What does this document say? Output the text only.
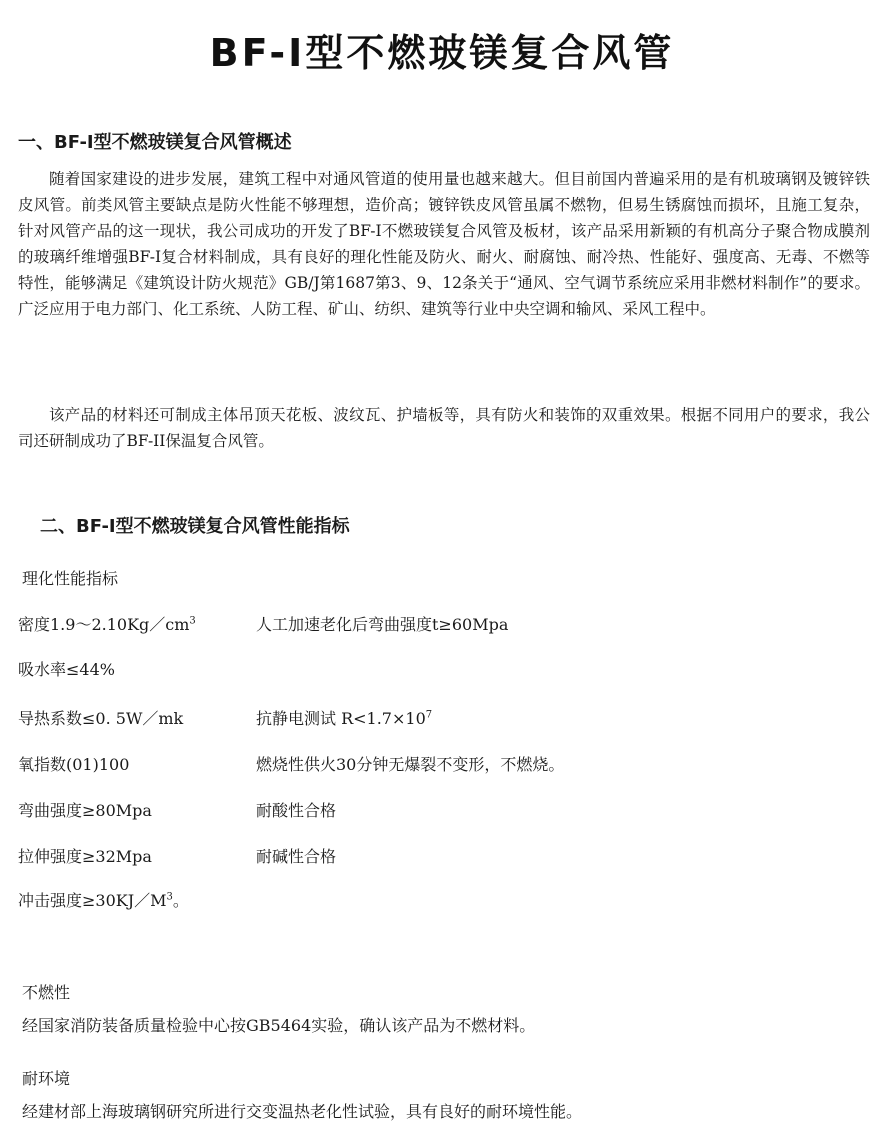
BF-Ⅰ型不燃玻镁复合风管
一、BF-I型不燃玻镁复合风管概述
随着国家建设的进步发展，建筑工程中对通风管道的使用量也越来越大。但目前国内普遍采用的是有机玻璃钢及镀锌铁皮风管。前类风管主要缺点是防火性能不够理想，造价高；镀锌铁皮风管虽属不燃物，但易生锈腐蚀而损坏，且施工复杂，针对风管产品的这一现状，我公司成功的开发了BF-I不燃玻镁复合风管及板材，该产品采用新颖的有机高分子聚合物成膜剂的玻璃纤维增强BF-I复合材料制成，具有良好的理化性能及防火、耐火、耐腐蚀、耐冷热、性能好、强度高、无毒、不燃等特性，能够满足《建筑设计防火规范》GB/J第1687第3、9、12条关于“通风、空气调节系统应采用非燃材料制作”的要求。广泛应用于电力部门、化工系统、人防工程、矿山、纺织、建筑等行业中央空调和输风、采风工程中。
该产品的材料还可制成主体吊顶天花板、波纹瓦、护墙板等，具有防火和装饰的双重效果。根据不同用户的要求，我公司还研制成功了BF-II保温复合风管。
二、BF-I型不燃玻镁复合风管性能指标
理化性能指标
密度$1.9\sim 2.10Kg/cm^3$	人工加速老化后弯曲强度t≥60Mpa
吸水率≤44%
导热系数≤0. 5W／mk	抗静电测试 $R<1.7\times 10^7$
氧指数(01)100	燃烧性供火30分钟无爆裂不变形，不燃烧。
弯曲强度≥80Mpa	耐酸性合格
拉伸强度≥32Mpa	耐碱性合格
冲击强度$\ge 30KJ/M^3$。
不燃性
经国家消防装备质量检验中心按GB5464实验，确认该产品为不燃材料。
耐环境
经建材部上海玻璃钢研究所进行交变温热老化性试验，具有良好的耐环境性能。
